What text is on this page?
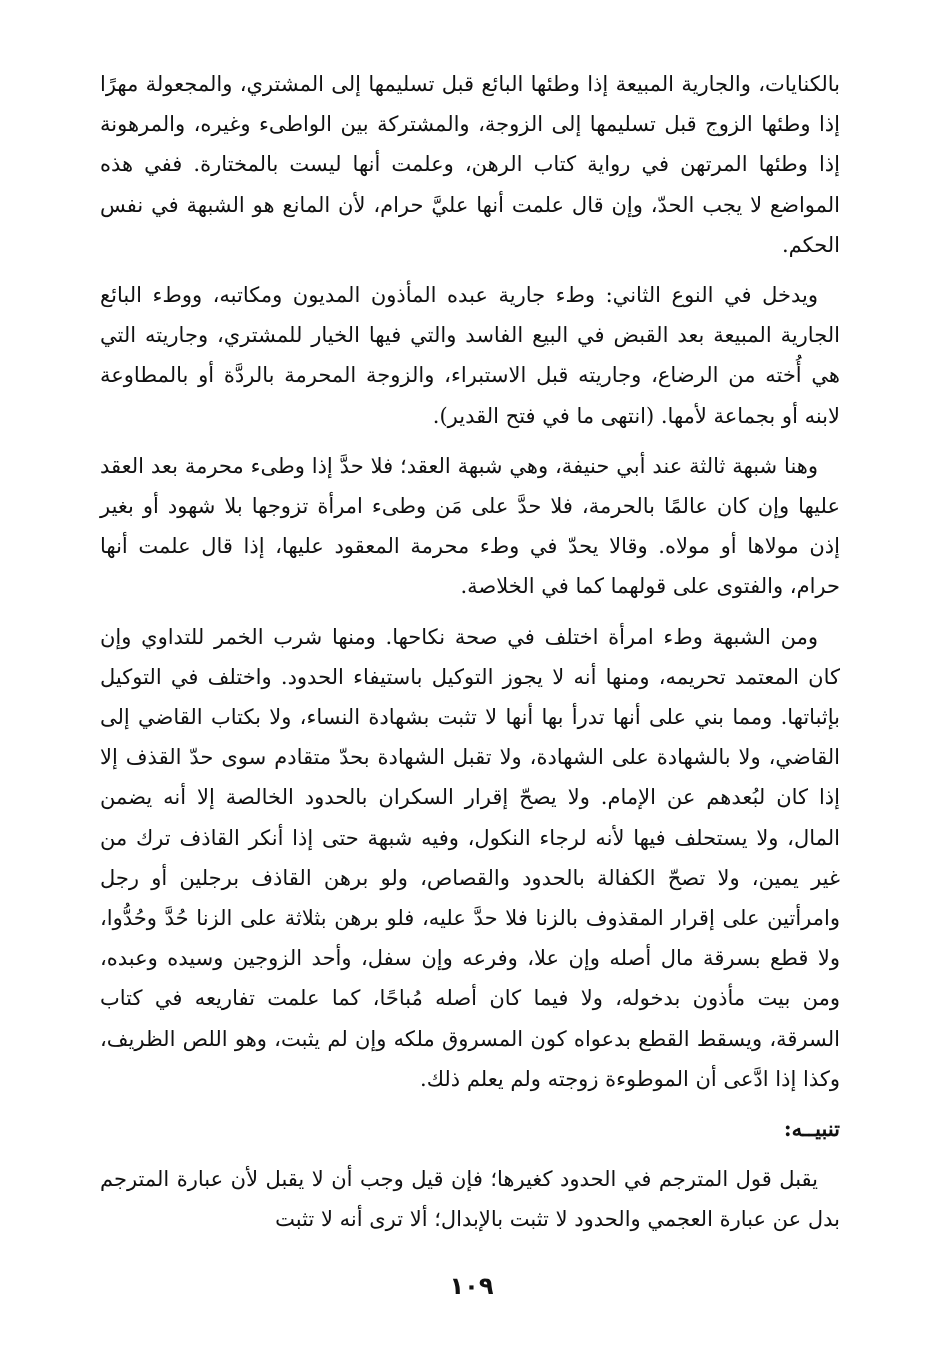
بالكنايات، والجارية المبيعة إذا وطئها البائع قبل تسليمها إلى المشتري، والمجعولة مهرًا إذا وطئها الزوج قبل تسليمها إلى الزوجة، والمشتركة بين الواطىء وغيره، والمرهونة إذا وطئها المرتهن في رواية كتاب الرهن، وعلمت أنها ليست بالمختارة. ففي هذه المواضع لا يجب الحدّ، وإن قال علمت أنها عليَّ حرام، لأن المانع هو الشبهة في نفس الحكم.

ويدخل في النوع الثاني: وطء جارية عبده المأذون المديون ومكاتبه، ووطء البائع الجارية المبيعة بعد القبض في البيع الفاسد والتي فيها الخيار للمشتري، وجاريته التي هي أُخته من الرضاع، وجاريته قبل الاستبراء، والزوجة المحرمة بالردَّة أو بالمطاوعة لابنه أو بجماعة لأمها. (انتهى ما في فتح القدير).

وهنا شبهة ثالثة عند أبي حنيفة، وهي شبهة العقد؛ فلا حدَّ إذا وطىء محرمة بعد العقد عليها وإن كان عالمًا بالحرمة، فلا حدَّ على مَن وطىء امرأة تزوجها بلا شهود أو بغير إذن مولاها أو مولاه. وقالا يحدّ في وطء محرمة المعقود عليها، إذا قال علمت أنها حرام، والفتوى على قولهما كما في الخلاصة.

ومن الشبهة وطء امرأة اختلف في صحة نكاحها. ومنها شرب الخمر للتداوي وإن كان المعتمد تحريمه، ومنها أنه لا يجوز التوكيل باستيفاء الحدود. واختلف في التوكيل بإثباتها. ومما بني على أنها تدرأ بها أنها لا تثبت بشهادة النساء، ولا بكتاب القاضي إلى القاضي، ولا بالشهادة على الشهادة، ولا تقبل الشهادة بحدّ متقادم سوى حدّ القذف إلا إذا كان لبُعدهم عن الإمام. ولا يصحّ إقرار السكران بالحدود الخالصة إلا أنه يضمن المال، ولا يستحلف فيها لأنه لرجاء النكول، وفيه شبهة حتى إذا أنكر القاذف ترك من غير يمين، ولا تصحّ الكفالة بالحدود والقصاص، ولو برهن القاذف برجلين أو رجل وامرأتين على إقرار المقذوف بالزنا فلا حدَّ عليه، فلو برهن بثلاثة على الزنا حُدَّ وحُدُّوا، ولا قطع بسرقة مال أصله وإن علا، وفرعه وإن سفل، وأحد الزوجين وسيده وعبده، ومن بيت مأذون بدخوله، ولا فيما كان أصله مُباحًا، كما علمت تفاريعه في كتاب السرقة، ويسقط القطع بدعواه كون المسروق ملكه وإن لم يثبت، وهو اللص الظريف، وكذا إذا ادَّعى أن الموطوءة زوجته ولم يعلم ذلك.

تنبيــه:

يقبل قول المترجم في الحدود كغيرها؛ فإن قيل وجب أن لا يقبل لأن عبارة المترجم بدل عن عبارة العجمي والحدود لا تثبت بالإبدال؛ ألا ترى أنه لا تثبت

١٠٩
